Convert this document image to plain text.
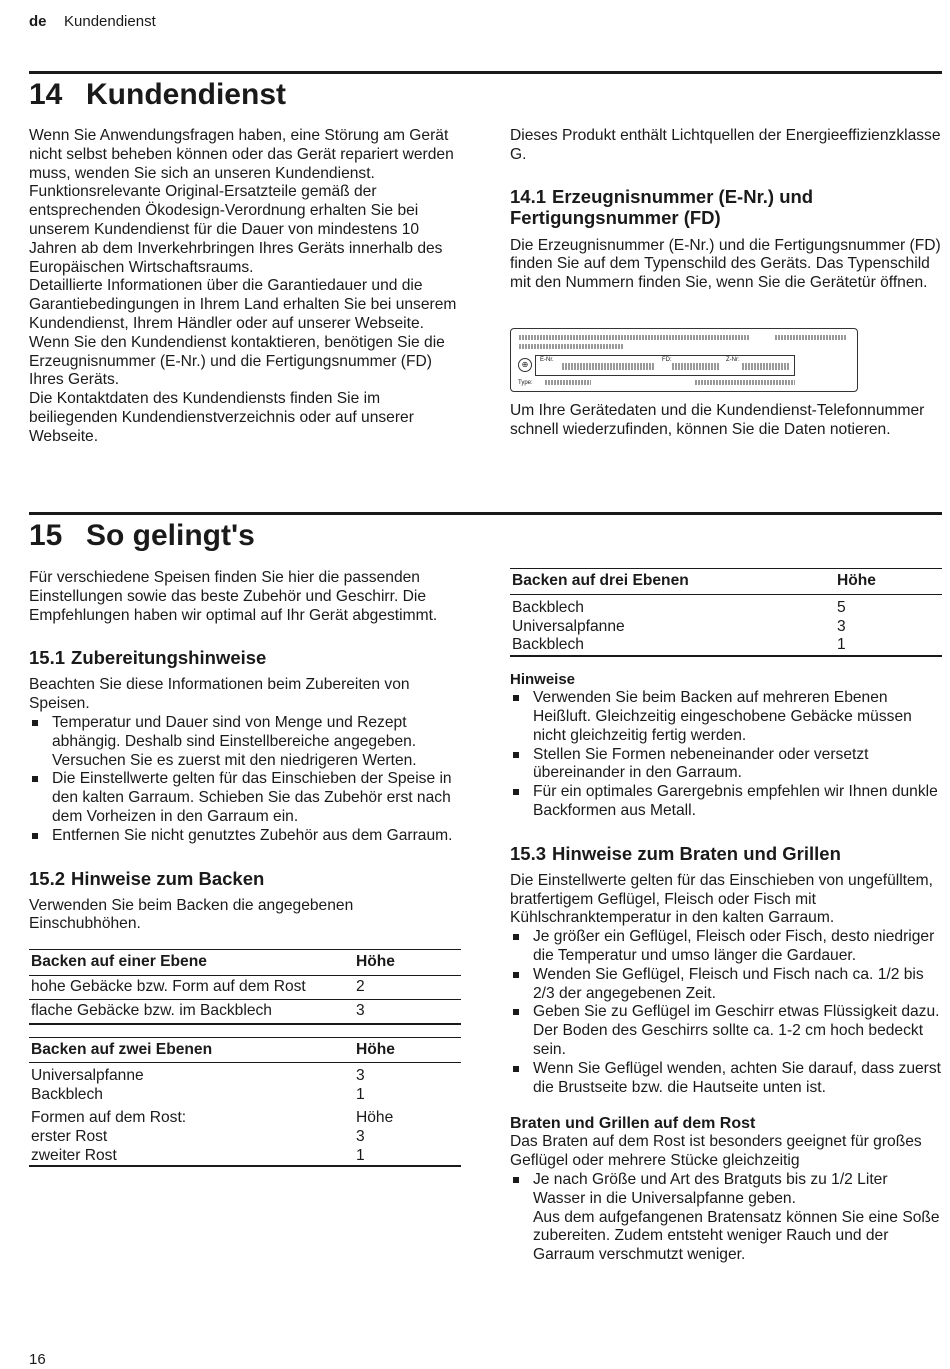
de Kundendienst
14 Kundendienst

Wenn Sie Anwendungsfragen haben, eine Störung am Gerät nicht selbst beheben können oder das Gerät repariert werden muss, wenden Sie sich an unseren Kundendienst.

Funktionsrelevante Original-Ersatzteile gemäß der entsprechenden Ökodesign-Verordnung erhalten Sie bei unserem Kundendienst für die Dauer von mindestens 10 Jahren ab dem Inverkehrbringen Ihres Geräts innerhalb des Europäischen Wirtschaftsraums.

Detaillierte Informationen über die Garantiedauer und die Garantiebedingungen in Ihrem Land erhalten Sie bei unserem Kundendienst, Ihrem Händler oder auf unserer Webseite.

Wenn Sie den Kundendienst kontaktieren, benötigen Sie die Erzeugnisnummer (E-Nr.) und die Fertigungsnummer (FD) Ihres Geräts.

Die Kontaktdaten des Kundendiensts finden Sie im beiliegenden Kundendienstverzeichnis oder auf unserer Webseite.

Dieses Produkt enthält Lichtquellen der Energieeffizienzklasse G.

14.1 Erzeugnisnummer (E-Nr.) und Fertigungsnummer (FD)

Die Erzeugnisnummer (E-Nr.) und die Fertigungsnummer (FD) finden Sie auf dem Typenschild des Geräts. Das Typenschild mit den Nummern finden Sie, wenn Sie die Gerätetür öffnen.

⊕	E-Nr.	FD:	Z-Nr:
Type:

Um Ihre Gerätedaten und die Kundendienst-Telefonnummer schnell wiederzufinden, können Sie die Daten notieren.

15 So gelingt's

Für verschiedene Speisen finden Sie hier die passenden Einstellungen sowie das beste Zubehör und Geschirr. Die Empfehlungen haben wir optimal auf Ihr Gerät abgestimmt.

15.1 Zubereitungshinweise

Beachten Sie diese Informationen beim Zubereiten von Speisen.

Temperatur und Dauer sind von Menge und Rezept abhängig. Deshalb sind Einstellbereiche angegeben. Versuchen Sie es zuerst mit den niedrigeren Werten.
Die Einstellwerte gelten für das Einschieben der Speise in den kalten Garraum. Schieben Sie das Zubehör erst nach dem Vorheizen in den Garraum ein.
Entfernen Sie nicht genutztes Zubehör aus dem Garraum.

15.2 Hinweise zum Backen

Verwenden Sie beim Backen die angegebenen Einschubhöhen.

Backen auf einer Ebene	Höhe
hohe Gebäcke bzw. Form auf dem Rost	2
flache Gebäcke bzw. im Backblech	3
Backen auf zwei Ebenen	Höhe
Universalpfanne	3
Backblech	1
Formen auf dem Rost:	Höhe
erster Rost	3
zweiter Rost	1
Backen auf drei Ebenen	Höhe
Backblech	5
Universalpfanne	3
Backblech	1

Hinweise

Verwenden Sie beim Backen auf mehreren Ebenen Heißluft. Gleichzeitig eingeschobene Gebäcke müssen nicht gleichzeitig fertig werden.
Stellen Sie Formen nebeneinander oder versetzt übereinander in den Garraum.
Für ein optimales Garergebnis empfehlen wir Ihnen dunkle Backformen aus Metall.

15.3 Hinweise zum Braten und Grillen

Die Einstellwerte gelten für das Einschieben von ungefülltem, bratfertigem Geflügel, Fleisch oder Fisch mit Kühlschranktemperatur in den kalten Garraum.

Je größer ein Geflügel, Fleisch oder Fisch, desto niedriger die Temperatur und umso länger die Gardauer.
Wenden Sie Geflügel, Fleisch und Fisch nach ca. 1/2 bis 2/3 der angegebenen Zeit.
Geben Sie zu Geflügel im Geschirr etwas Flüssigkeit dazu. Der Boden des Geschirrs sollte ca. 1-2 cm hoch bedeckt sein.
Wenn Sie Geflügel wenden, achten Sie darauf, dass zuerst die Brustseite bzw. die Hautseite unten ist.

Braten und Grillen auf dem Rost

Das Braten auf dem Rost ist besonders geeignet für großes Geflügel oder mehrere Stücke gleichzeitig

Je nach Größe und Art des Bratguts bis zu 1/2 Liter Wasser in die Universalpfanne geben.
Aus dem aufgefangenen Bratensatz können Sie eine Soße zubereiten. Zudem entsteht weniger Rauch und der Garraum verschmutzt weniger.
16
